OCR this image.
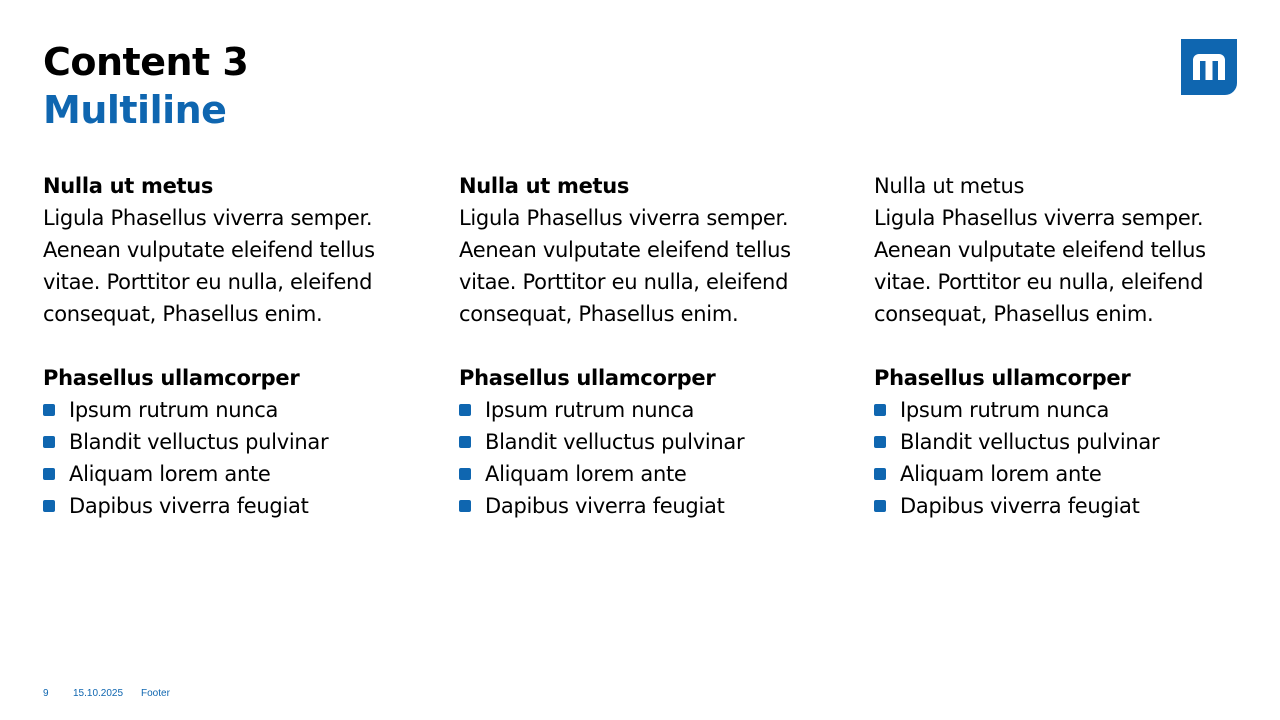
Content 3
Multiline
Nulla ut metus
Ligula Phasellus viverra semper.
Aenean vulputate eleifend tellus
vitae. Porttitor eu nulla, eleifend
consequat, Phasellus enim.
Phasellus ullamcorper
Ipsum rutrum nunca
Blandit velluctus pulvinar
Aliquam lorem ante
Dapibus viverra feugiat
Nulla ut metus
Ligula Phasellus viverra semper.
Aenean vulputate eleifend tellus
vitae. Porttitor eu nulla, eleifend
consequat, Phasellus enim.
Phasellus ullamcorper
Ipsum rutrum nunca
Blandit velluctus pulvinar
Aliquam lorem ante
Dapibus viverra feugiat
Nulla ut metus
Ligula Phasellus viverra semper.
Aenean vulputate eleifend tellus
vitae. Porttitor eu nulla, eleifend
consequat, Phasellus enim.
Phasellus ullamcorper
Ipsum rutrum nunca
Blandit velluctus pulvinar
Aliquam lorem ante
Dapibus viverra feugiat
9 15.10.2025 Footer
